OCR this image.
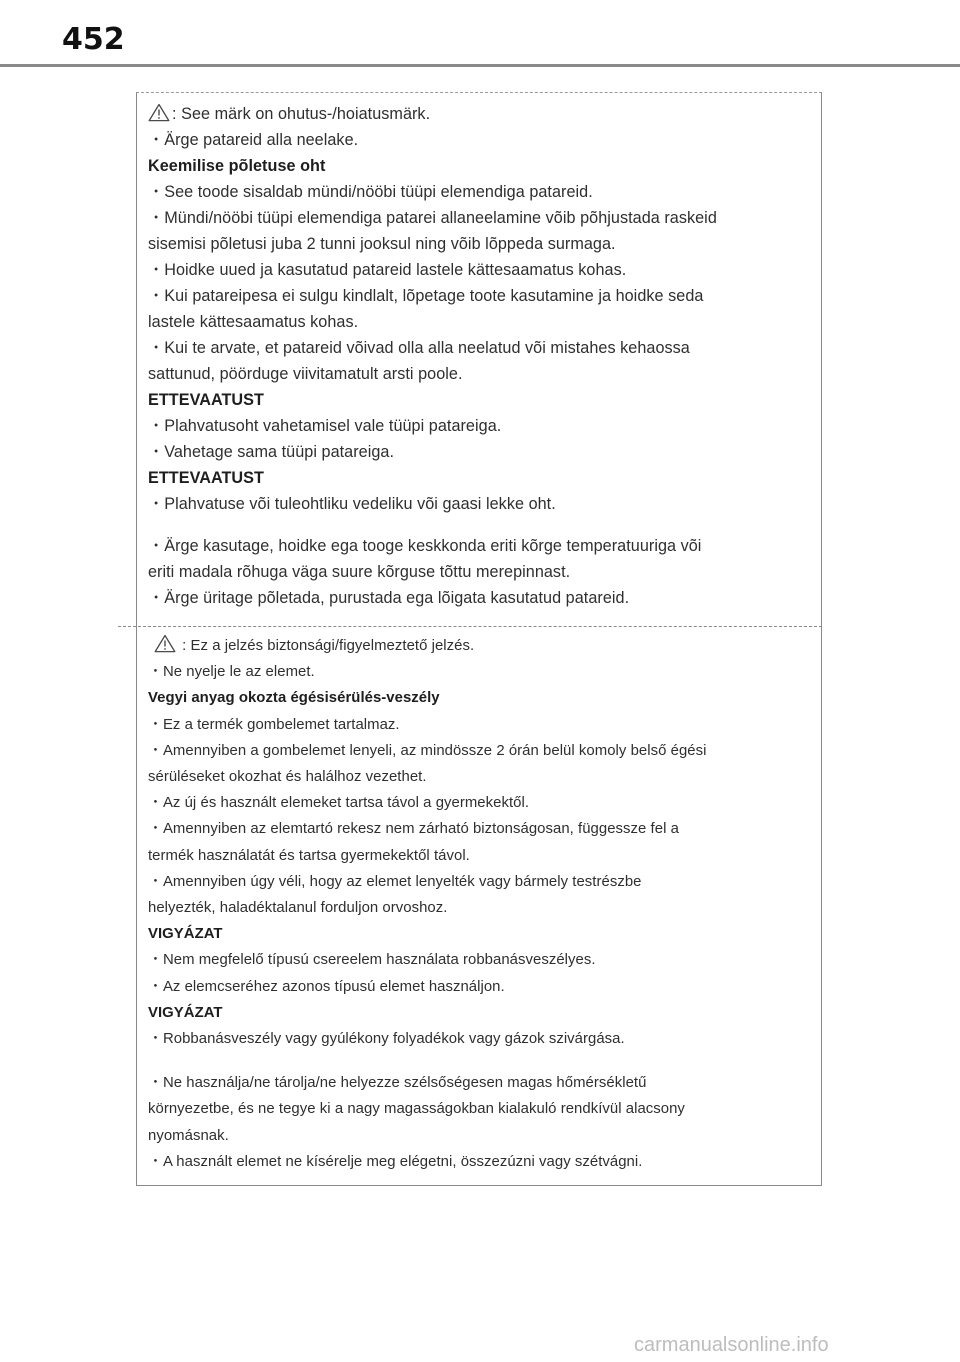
452
: See märk on ohutus-/hoiatusmärk.
・Ärge patareid alla neelake.
Keemilise põletuse oht
・See toode sisaldab mündi/nööbi tüüpi elemendiga patareid.
・Mündi/nööbi tüüpi elemendiga patarei allaneelamine võib põhjustada raskeid
sisemisi põletusi juba 2 tunni jooksul ning võib lõppeda surmaga.
・Hoidke uued ja kasutatud patareid lastele kättesaamatus kohas.
・Kui patareipesa ei sulgu kindlalt, lõpetage toote kasutamine ja hoidke seda
lastele kättesaamatus kohas.
・Kui te arvate, et patareid võivad olla alla neelatud või mistahes kehaossa
sattunud, pöörduge viivitamatult arsti poole.
ETTEVAATUST
・Plahvatusoht vahetamisel vale tüüpi patareiga.
・Vahetage sama tüüpi patareiga.
ETTEVAATUST
・Plahvatuse või tuleohtliku vedeliku või gaasi lekke oht.
・Ärge kasutage, hoidke ega tooge keskkonda eriti kõrge temperatuuriga või
eriti madala rõhuga väga suure kõrguse tõttu merepinnast.
・Ärge üritage põletada, purustada ega lõigata kasutatud patareid.
: Ez a jelzés biztonsági/figyelmeztető jelzés.
・Ne nyelje le az elemet.
Vegyi anyag okozta égésisérülés-veszély
・Ez a termék gombelemet tartalmaz.
・Amennyiben a gombelemet lenyeli, az mindössze 2 órán belül komoly belső égési
sérüléseket okozhat és halálhoz vezethet.
・Az új és használt elemeket tartsa távol a gyermekektől.
・Amennyiben az elemtartó rekesz nem zárható biztonságosan, függessze fel a
termék használatát és tartsa gyermekektől távol.
・Amennyiben úgy véli, hogy az elemet lenyelték vagy bármely testrészbe
helyezték, haladéktalanul forduljon orvoshoz.
VIGYÁZAT
・Nem megfelelő típusú csereelem használata robbanásveszélyes.
・Az elemcseréhez azonos típusú elemet használjon.
VIGYÁZAT
・Robbanásveszély vagy gyúlékony folyadékok vagy gázok szivárgása.
・Ne használja/ne tárolja/ne helyezze szélsőségesen magas hőmérsékletű
környezetbe, és ne tegye ki a nagy magasságokban kialakuló rendkívül alacsony
nyomásnak.
・A használt elemet ne kísérelje meg elégetni, összezúzni vagy szétvágni.
carmanualsonline.info
